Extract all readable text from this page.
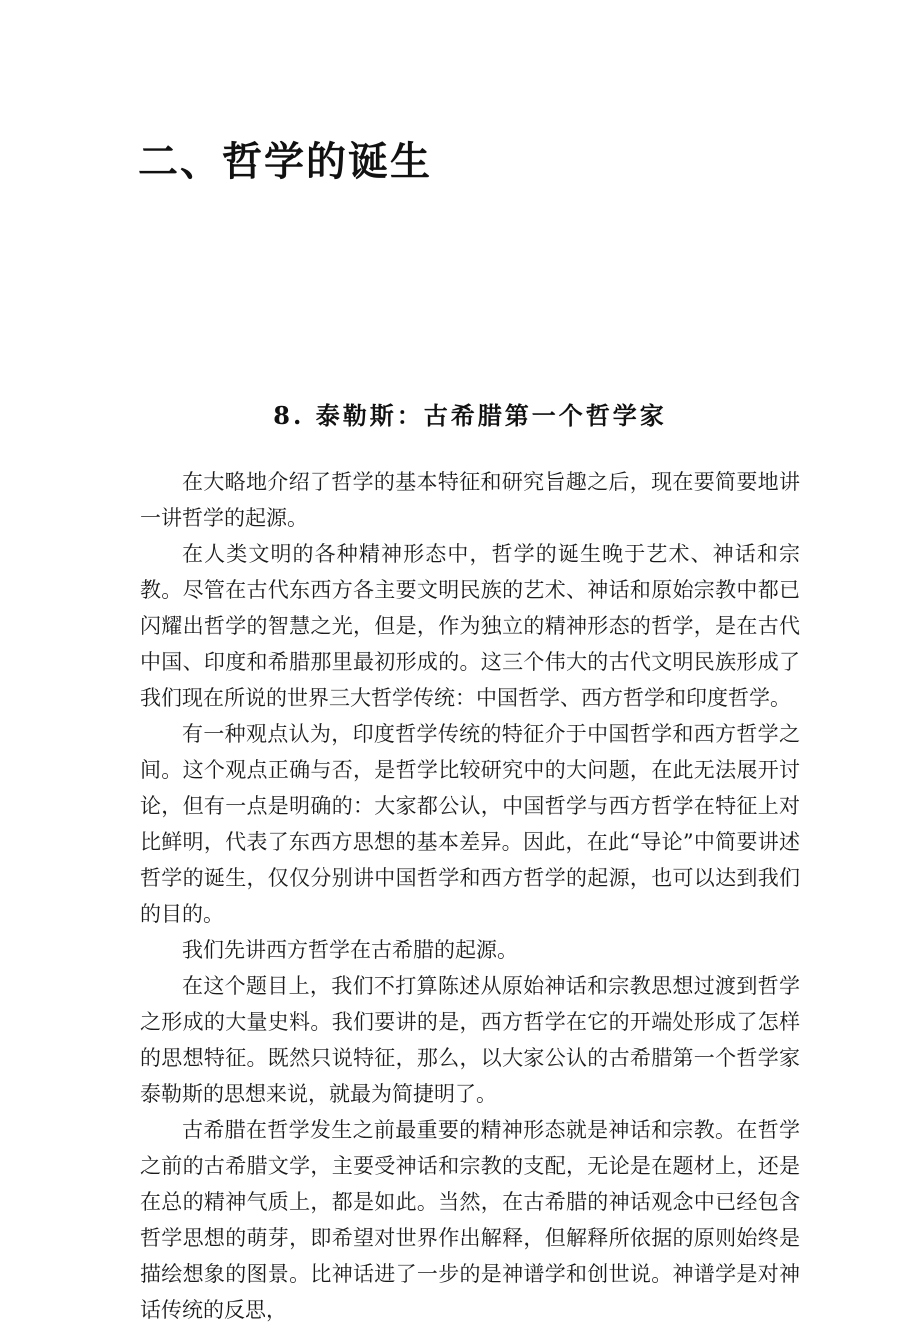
二、哲学的诞生
8. 泰勒斯：古希腊第一个哲学家

在大略地介绍了哲学的基本特征和研究旨趣之后，现在要简要地讲一讲哲学的起源。

在人类文明的各种精神形态中，哲学的诞生晚于艺术、神话和宗教。尽管在古代东西方各主要文明民族的艺术、神话和原始宗教中都已闪耀出哲学的智慧之光，但是，作为独立的精神形态的哲学，是在古代中国、印度和希腊那里最初形成的。这三个伟大的古代文明民族形成了我们现在所说的世界三大哲学传统：中国哲学、西方哲学和印度哲学。

有一种观点认为，印度哲学传统的特征介于中国哲学和西方哲学之间。这个观点正确与否，是哲学比较研究中的大问题，在此无法展开讨论，但有一点是明确的：大家都公认，中国哲学与西方哲学在特征上对比鲜明，代表了东西方思想的基本差异。因此，在此“导论”中简要讲述哲学的诞生，仅仅分别讲中国哲学和西方哲学的起源，也可以达到我们的目的。

我们先讲西方哲学在古希腊的起源。

在这个题目上，我们不打算陈述从原始神话和宗教思想过渡到哲学之形成的大量史料。我们要讲的是，西方哲学在它的开端处形成了怎样的思想特征。既然只说特征，那么，以大家公认的古希腊第一个哲学家泰勒斯的思想来说，就最为简捷明了。

古希腊在哲学发生之前最重要的精神形态就是神话和宗教。在哲学之前的古希腊文学，主要受神话和宗教的支配，无论是在题材上，还是在总的精神气质上，都是如此。当然，在古希腊的神话观念中已经包含哲学思想的萌芽，即希望对世界作出解释，但解释所依据的原则始终是描绘想象的图景。比神话进了一步的是神谱学和创世说。神谱学是对神话传统的反思，
